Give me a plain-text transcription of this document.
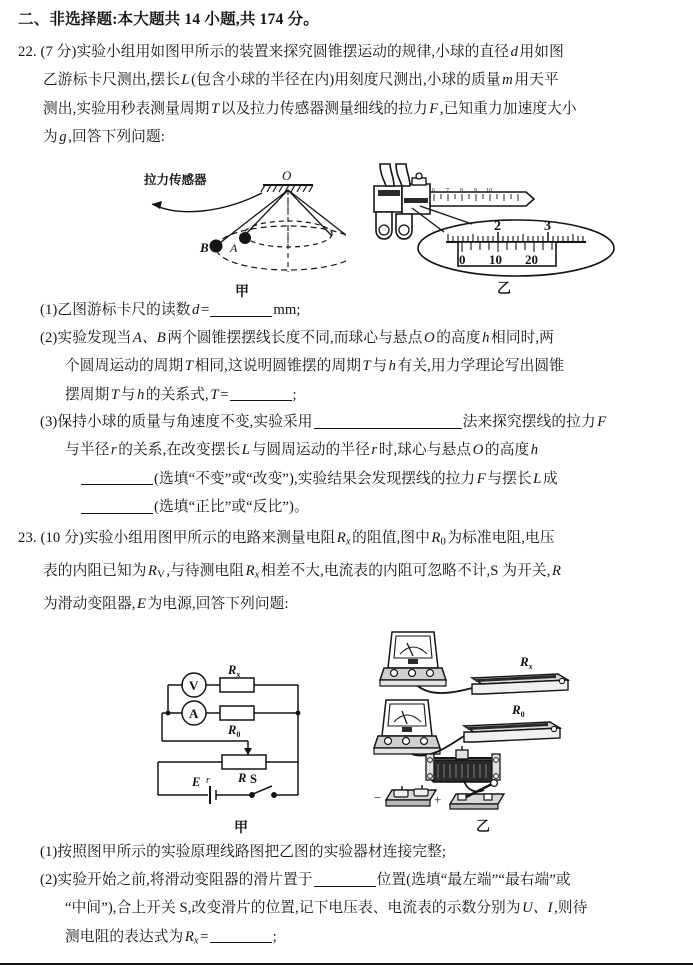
二、非选择题:本大题共 14 小题,共 174 分。
22. (7 分)实验小组用如图甲所示的装置来探究圆锥摆运动的规律,小球的直径 d 用如图
乙游标卡尺测出,摆长 L (包含小球的半径在内)用刻度尺测出,小球的质量 m 用天平
测出,实验用秒表测量周期 T 以及拉力传感器测量细线的拉力 F ,已知重力加速度大小
为 g ,回答下列问题:
O
B A
拉力传感器
甲
6 7 8 9 10
2	3
0 10 20
乙
(1)乙图游标卡尺的读数 d =	mm;
(2)实验发现当 A、B 两个圆锥摆摆线长度不同,而球心与悬点 O 的高度 h 相同时,两
个圆周运动的周期 T 相同,这说明圆锥摆的周期 T 与 h 有关,用力学理论写出圆锥
摆周期 T 与 h 的关系式, T =	;
(3)保持小球的质量与角速度不变,实验采用	法来探究摆线的拉力 F
与半径 r 的关系,在改变摆长 L 与圆周运动的半径 r 时,球心与悬点 O 的高度 h
(选填“不变”或“改变”),实验结果会发现摆线的拉力 F 与摆长 L 成
(选填“正比”或“反比”)。
23. (10 分)实验小组用图甲所示的电路来测量电阻 $R_x$ 的阻值,图中 R0 为标准电阻,电压
表的内阻已知为 RV ,与待测电阻 $R_x$ 相差不大,电流表的内阻可忽略不计,S 为开关, R
为滑动变阻器, E 为电源,回答下列问题:
V
A
$R_x$
$R_0$
R
E r	S
甲
$R_x$
$R_0$
−	+
乙
(1)按照图甲所示的实验原理线路图把乙图的实验器材连接完整;
(2)实验开始之前,将滑动变阻器的滑片置于	位置(选填“最左端”“最右端”或
“中间”),合上开关 S,改变滑片的位置,记下电压表、电流表的示数分别为 U、I ,则待
测电阻的表达式为 $R_x$ =	;
